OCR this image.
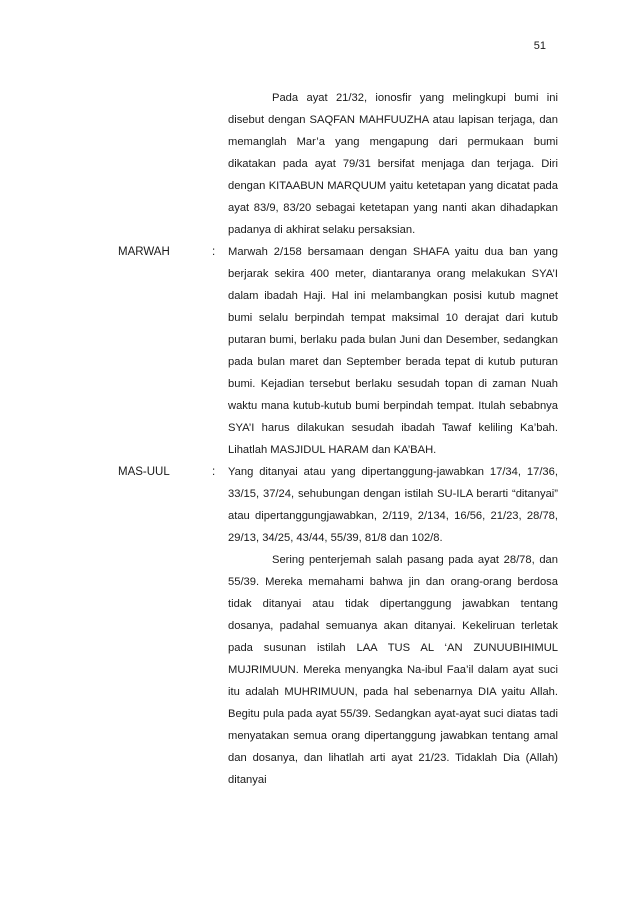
51

Pada ayat 21/32, ionosfir yang melingkupi bumi ini disebut dengan SAQFAN MAHFUUZHA atau lapisan terjaga, dan memanglah Mar’a yang mengapung dari permukaan bumi dikatakan pada ayat 79/31 bersifat menjaga dan terjaga. Diri dengan KITAABUN MARQUUM yaitu ketetapan yang dicatat pada ayat 83/9, 83/20 sebagai ketetapan yang nanti akan dihadapkan padanya di akhirat selaku persaksian.

MARWAH	:	Marwah 2/158 bersamaan dengan SHAFA yaitu dua ban yang berjarak sekira 400 meter, diantaranya orang melakukan SYA’I dalam ibadah Haji. Hal ini melambangkan posisi kutub magnet bumi selalu berpindah tempat maksimal 10 derajat dari kutub putaran bumi, berlaku pada bulan Juni dan Desember, sedangkan pada bulan maret dan September berada tepat di kutub puturan bumi. Kejadian tersebut berlaku sesudah topan di zaman Nuah waktu mana kutub-kutub bumi berpindah tempat. Itulah sebabnya SYA’I harus dilakukan sesudah ibadah Tawaf keliling Ka’bah. Lihatlah MASJIDUL HARAM dan KA’BAH.

MAS-UUL	:	Yang ditanyai atau yang dipertanggung-jawabkan 17/34, 17/36, 33/15, 37/24, sehubungan dengan istilah SU-ILA berarti “ditanyai” atau dipertanggungjawabkan, 2/119, 2/134, 16/56, 21/23, 28/78, 29/13, 34/25, 43/44, 55/39, 81/8 dan 102/8.

Sering penterjemah salah pasang pada ayat 28/78, dan 55/39. Mereka memahami bahwa jin dan orang-orang berdosa tidak ditanyai atau tidak dipertanggung jawabkan tentang dosanya, padahal semuanya akan ditanyai. Kekeliruan terletak pada susunan istilah LAA TUS AL ‘AN ZUNUUBIHIMUL MUJRIMUUN. Mereka menyangka Na-ibul Faa’il dalam ayat suci itu adalah MUHRIMUUN, pada hal sebenarnya DIA yaitu Allah. Begitu pula pada ayat 55/39. Sedangkan ayat-ayat suci diatas tadi menyatakan semua orang dipertanggung jawabkan tentang amal dan dosanya, dan lihatlah arti ayat 21/23. Tidaklah Dia (Allah) ditanyai
